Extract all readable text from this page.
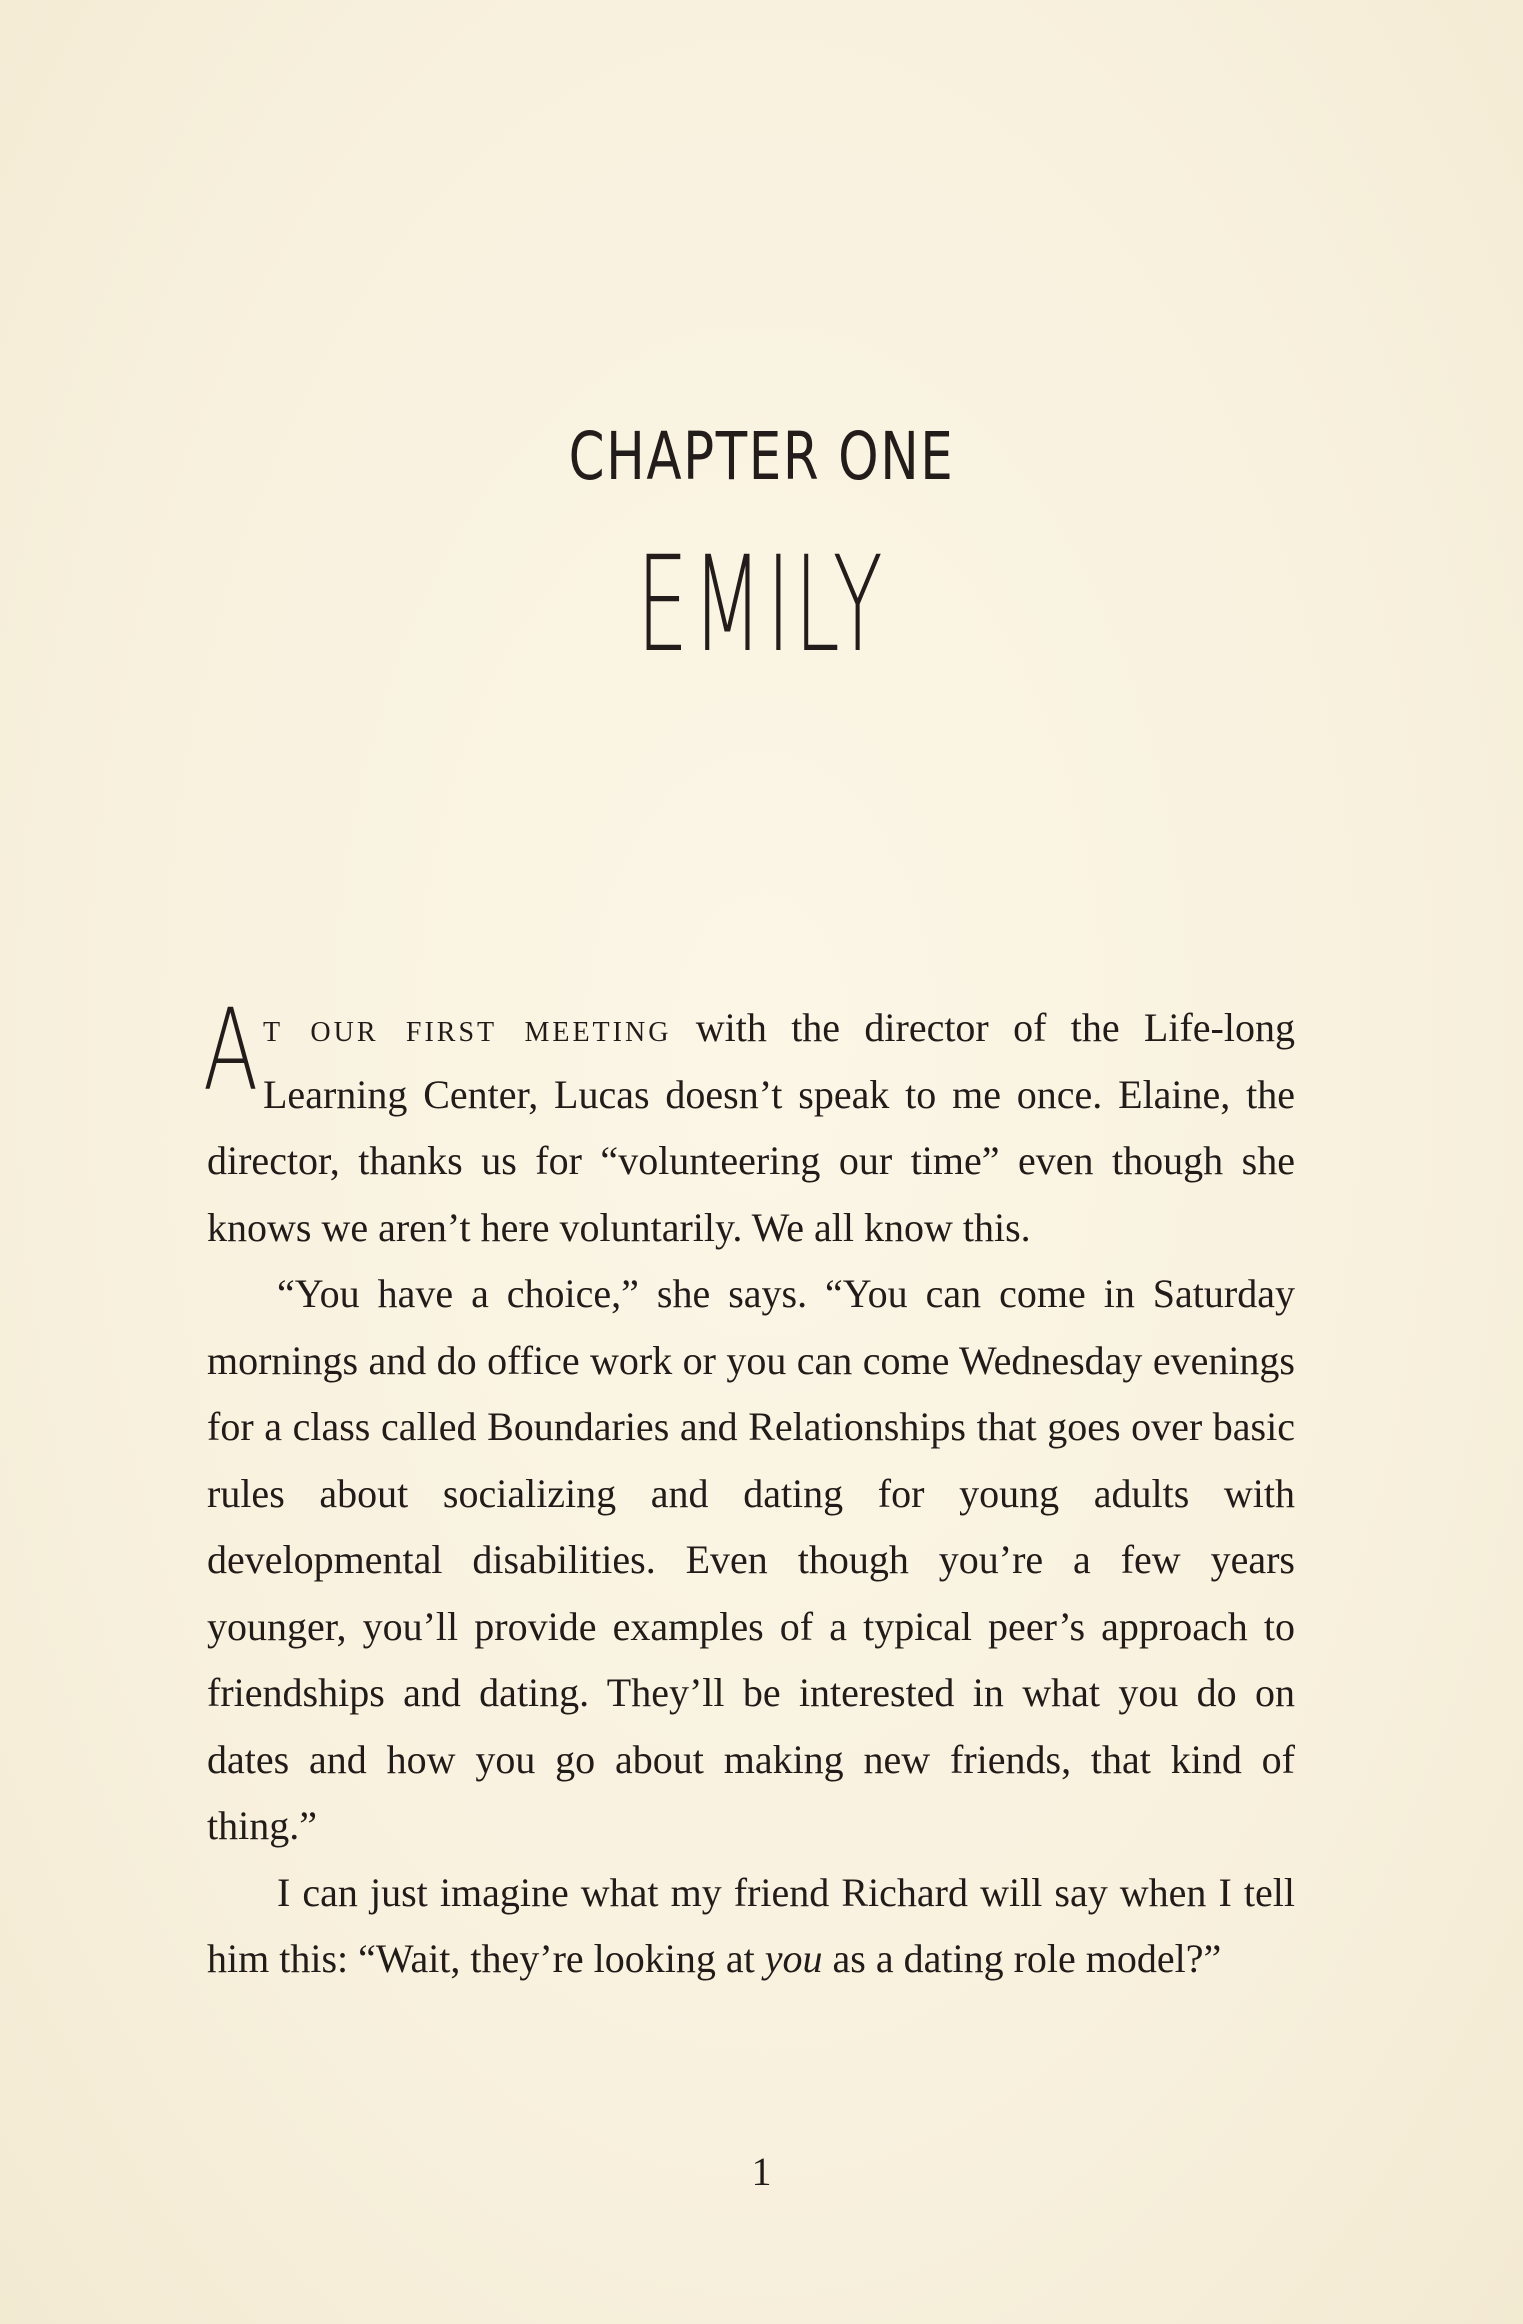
CHAPTER ONE
EMILY

At our first meeting with the director of the Life-long Learning Center, Lucas doesn’t speak to me once. Elaine, the director, thanks us for “volunteering our time” even though she knows we aren’t here voluntarily. We all know this.

“You have a choice,” she says. “You can come in Saturday mornings and do office work or you can come Wednesday evenings for a class called Boundaries and Relationships that goes over basic rules about socializing and dating for young adults with developmental disabilities. Even though you’re a few years younger, you’ll provide examples of a typical peer’s approach to friendships and dating. They’ll be interested in what you do on dates and how you go about making new friends, that kind of thing.”

I can just imagine what my friend Richard will say when I tell him this: “Wait, they’re looking at you as a dating role model?”

1
